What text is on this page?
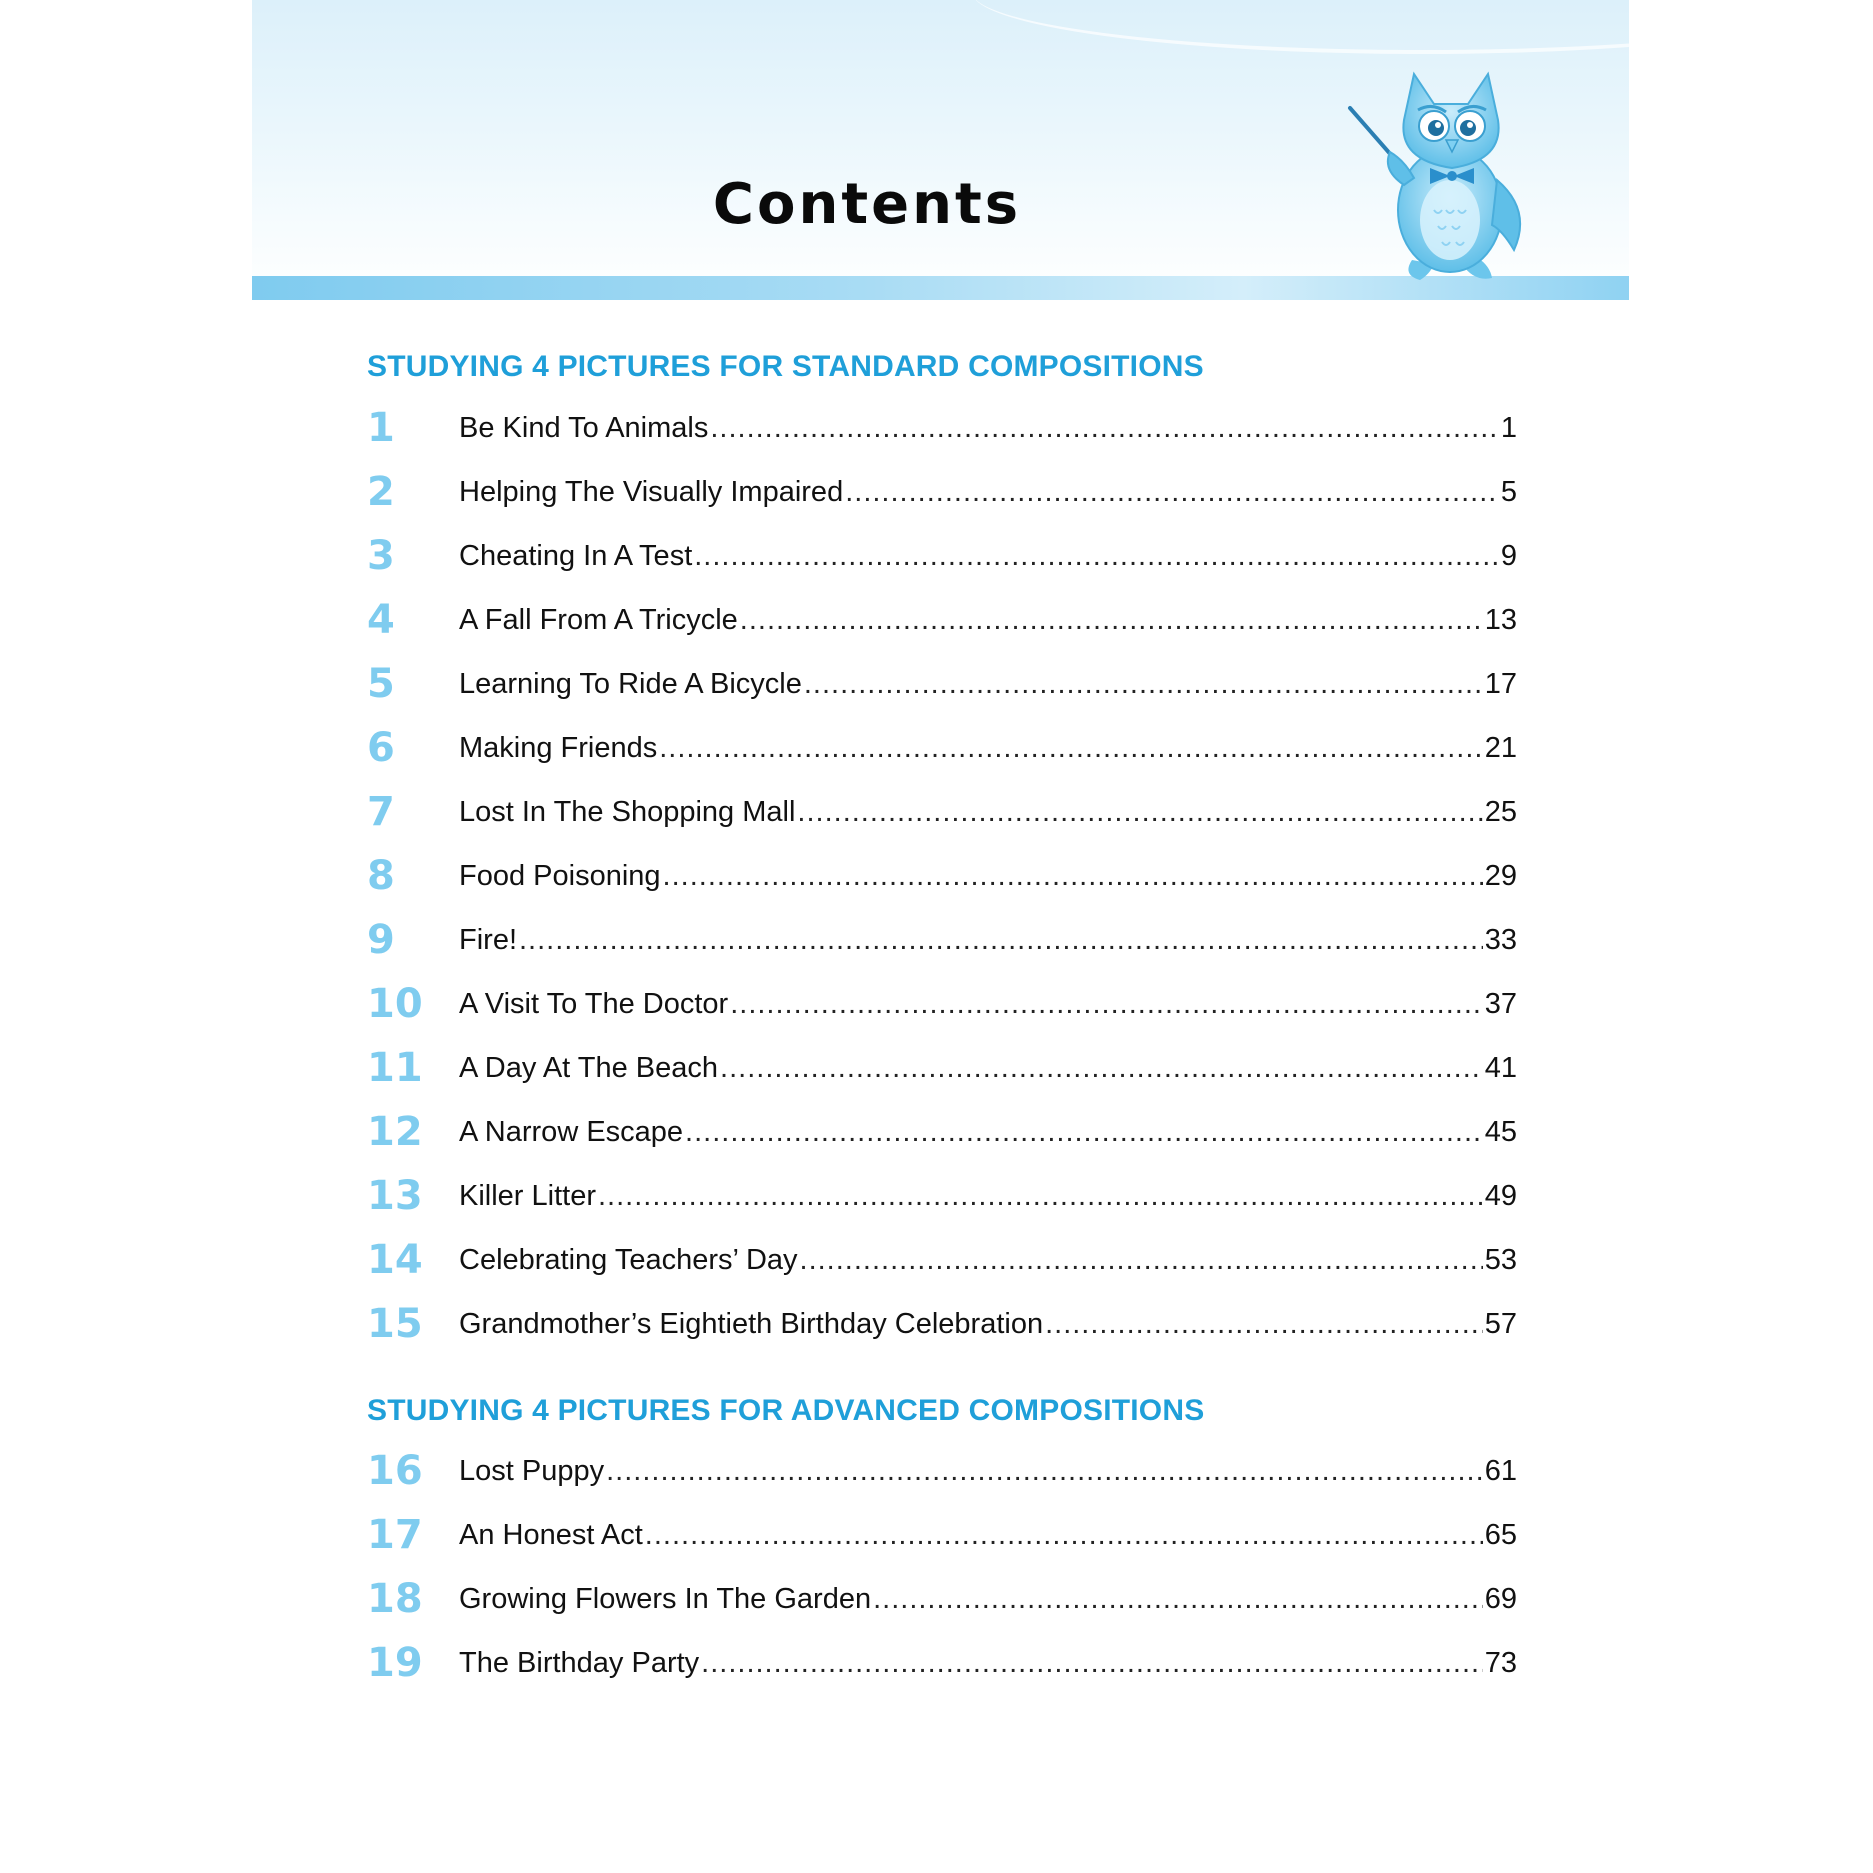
Contents
STUDYING 4 PICTURES FOR STANDARD COMPOSITIONS
1	Be Kind To Animals .....	1
2	Helping The Visually Impaired .....	5
3	Cheating In A Test .....	9
4	A Fall From A Tricycle .....	13
5	Learning To Ride A Bicycle .....	17
6	Making Friends .....	21
7	Lost In The Shopping Mall .....	25
8	Food Poisoning .....	29
9	Fire! .....	33
10	A Visit To The Doctor .....	37
11	A Day At The Beach .....	41
12	A Narrow Escape .....	45
13	Killer Litter .....	49
14	Celebrating Teachers’ Day .....	53
15	Grandmother’s Eightieth Birthday Celebration .....	57
STUDYING 4 PICTURES FOR ADVANCED COMPOSITIONS
16	Lost Puppy .....	61
17	An Honest Act .....	65
18	Growing Flowers In The Garden .....	69
19	The Birthday Party .....	73
